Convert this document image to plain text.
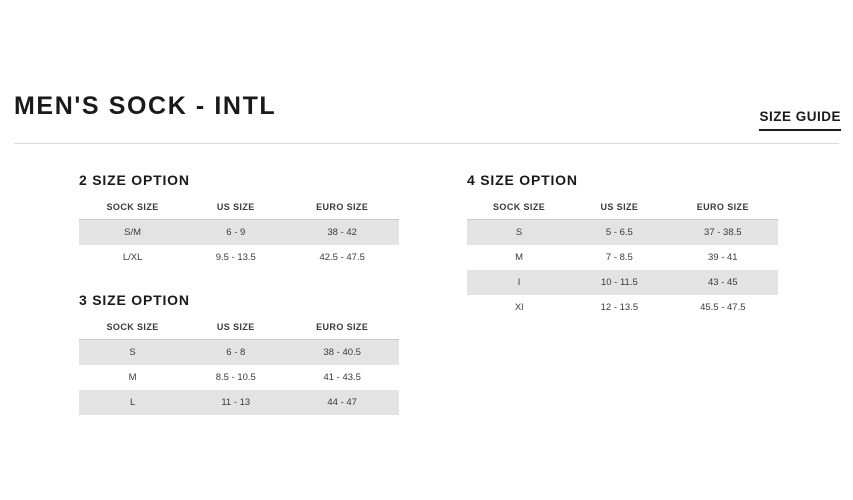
MEN'S SOCK - INTL	SIZE GUIDE
2 SIZE OPTION
SOCK SIZE	US SIZE	EURO SIZE
S/M	6 - 9	38 - 42
L/XL	9.5 - 13.5	42.5 - 47.5
3 SIZE OPTION
SOCK SIZE	US SIZE	EURO SIZE
S	6 - 8	38 - 40.5
M	8.5 - 10.5	41 - 43.5
L	11 - 13	44 - 47
4 SIZE OPTION
SOCK SIZE	US SIZE	EURO SIZE
S	5 - 6.5	37 - 38.5
M	7 - 8.5	39 - 41
l	10 - 11.5	43 - 45
Xl	12 - 13.5	45.5 - 47.5
